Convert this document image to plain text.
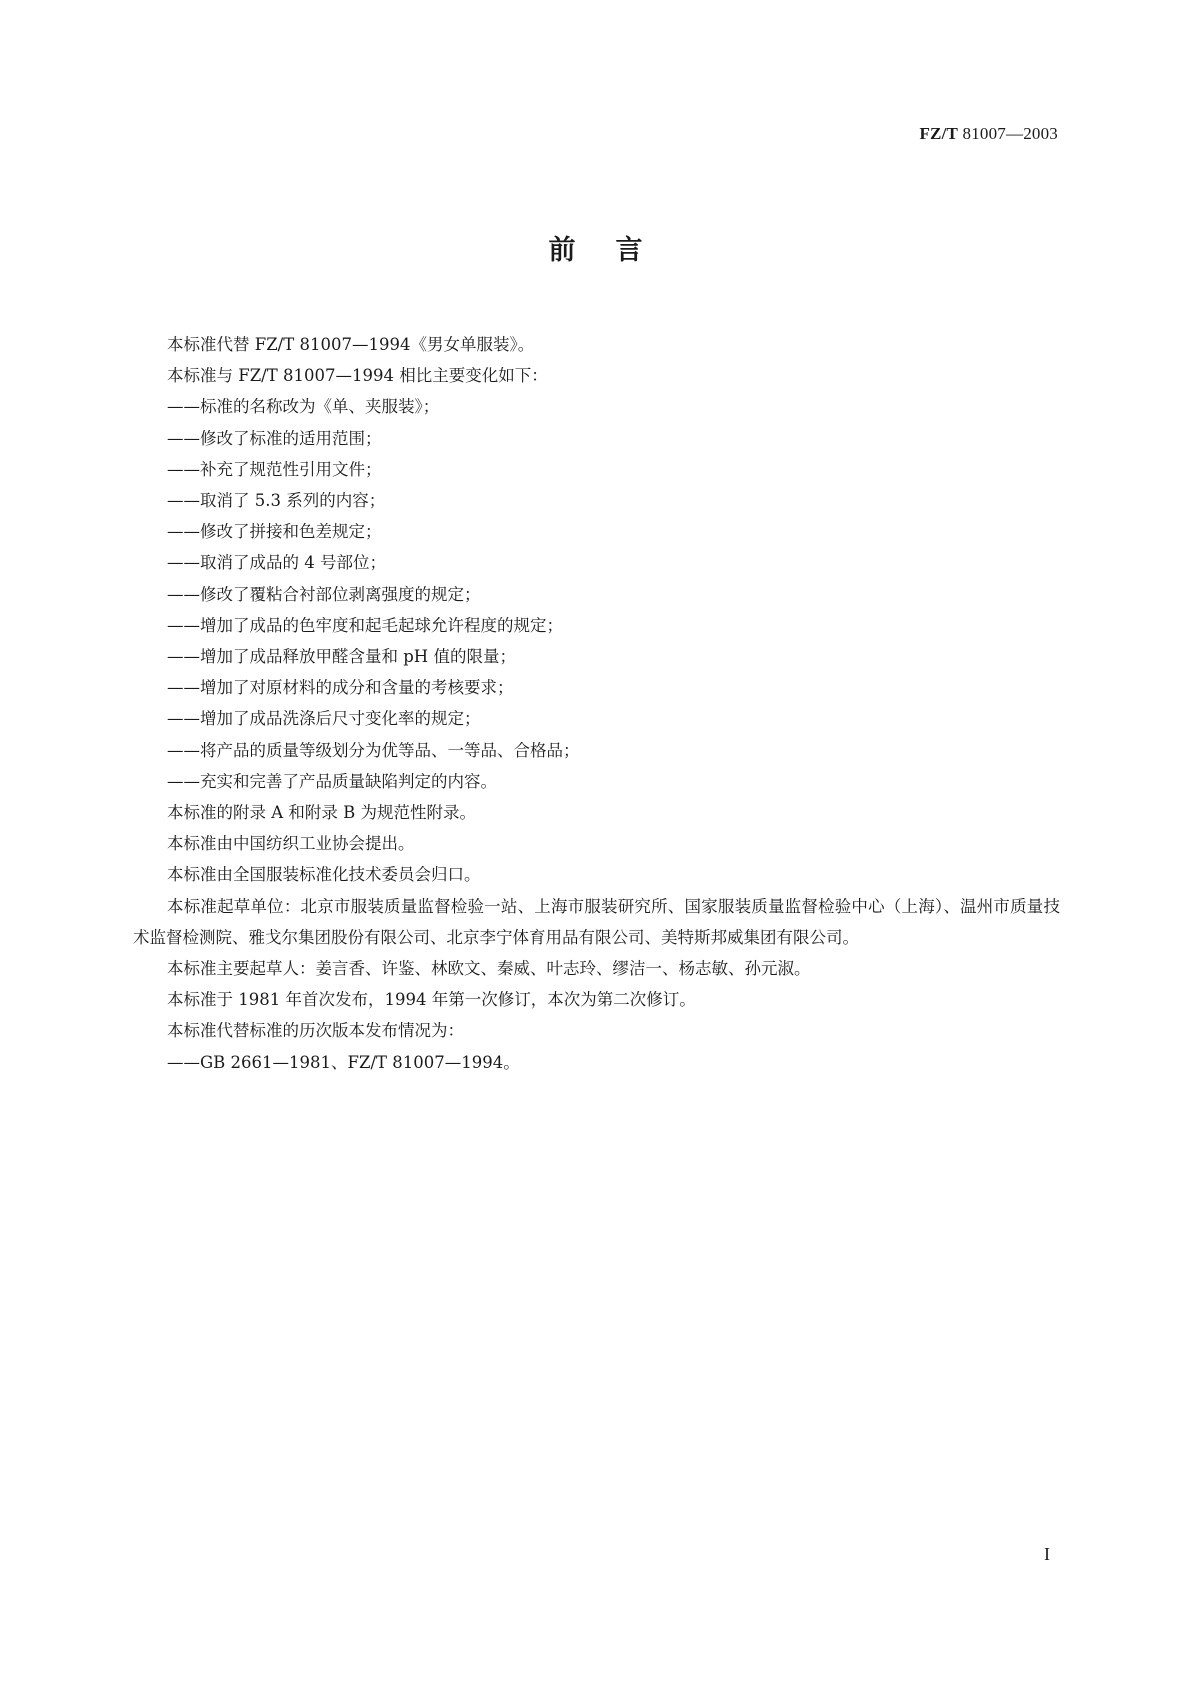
FZ/T 81007—2003
前言

本标准代替 FZ/T 81007—1994《男女单服装》。

本标准与 FZ/T 81007—1994 相比主要变化如下：

——标准的名称改为《单、夹服装》；

——修改了标准的适用范围；

——补充了规范性引用文件；

——取消了 5.3 系列的内容；

——修改了拼接和色差规定；

——取消了成品的 4 号部位；

——修改了覆粘合衬部位剥离强度的规定；

——增加了成品的色牢度和起毛起球允许程度的规定；

——增加了成品释放甲醛含量和 pH 值的限量；

——增加了对原材料的成分和含量的考核要求；

——增加了成品洗涤后尺寸变化率的规定；

——将产品的质量等级划分为优等品、一等品、合格品；

——充实和完善了产品质量缺陷判定的内容。

本标准的附录 A 和附录 B 为规范性附录。

本标准由中国纺织工业协会提出。

本标准由全国服装标准化技术委员会归口。

本标准起草单位：北京市服装质量监督检验一站、上海市服装研究所、国家服装质量监督检验中心（上海）、温州市质量技术监督检测院、雅戈尔集团股份有限公司、北京李宁体育用品有限公司、美特斯邦威集团有限公司。

本标准主要起草人：姜言香、许鉴、林欧文、秦威、叶志玲、缪洁一、杨志敏、孙元淑。

本标准于 1981 年首次发布，1994 年第一次修订，本次为第二次修订。

本标准代替标准的历次版本发布情况为：

——GB 2661—1981、FZ/T 81007—1994。

I
